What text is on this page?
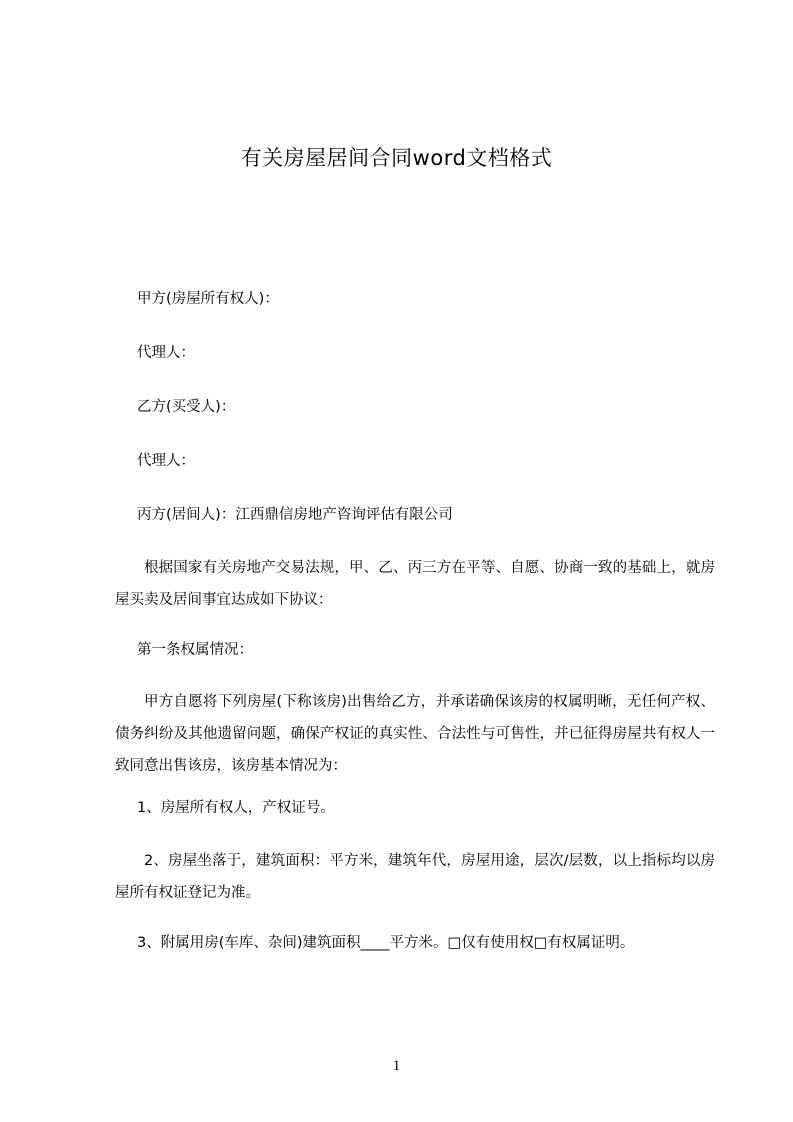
有关房屋居间合同word文档格式
甲方(房屋所有权人)：
代理人：
乙方(买受人)：
代理人：
丙方(居间人)：江西鼎信房地产咨询评估有限公司
根据国家有关房地产交易法规，甲、乙、丙三方在平等、自愿、协商一致的基础上，就房屋买卖及居间事宜达成如下协议：
第一条权属情况：
甲方自愿将下列房屋(下称该房)出售给乙方，并承诺确保该房的权属明晰，无任何产权、债务纠纷及其他遗留问题，确保产权证的真实性、合法性与可售性，并已征得房屋共有权人一致同意出售该房，该房基本情况为：
1、房屋所有权人，产权证号。
2、房屋坐落于，建筑面积：平方米，建筑年代，房屋用途，层次/层数，以上指标均以房屋所有权证登记为准。
3、附属用房(车库、杂间)建筑面积____平方米。□仅有使用权□有权属证明。
1
